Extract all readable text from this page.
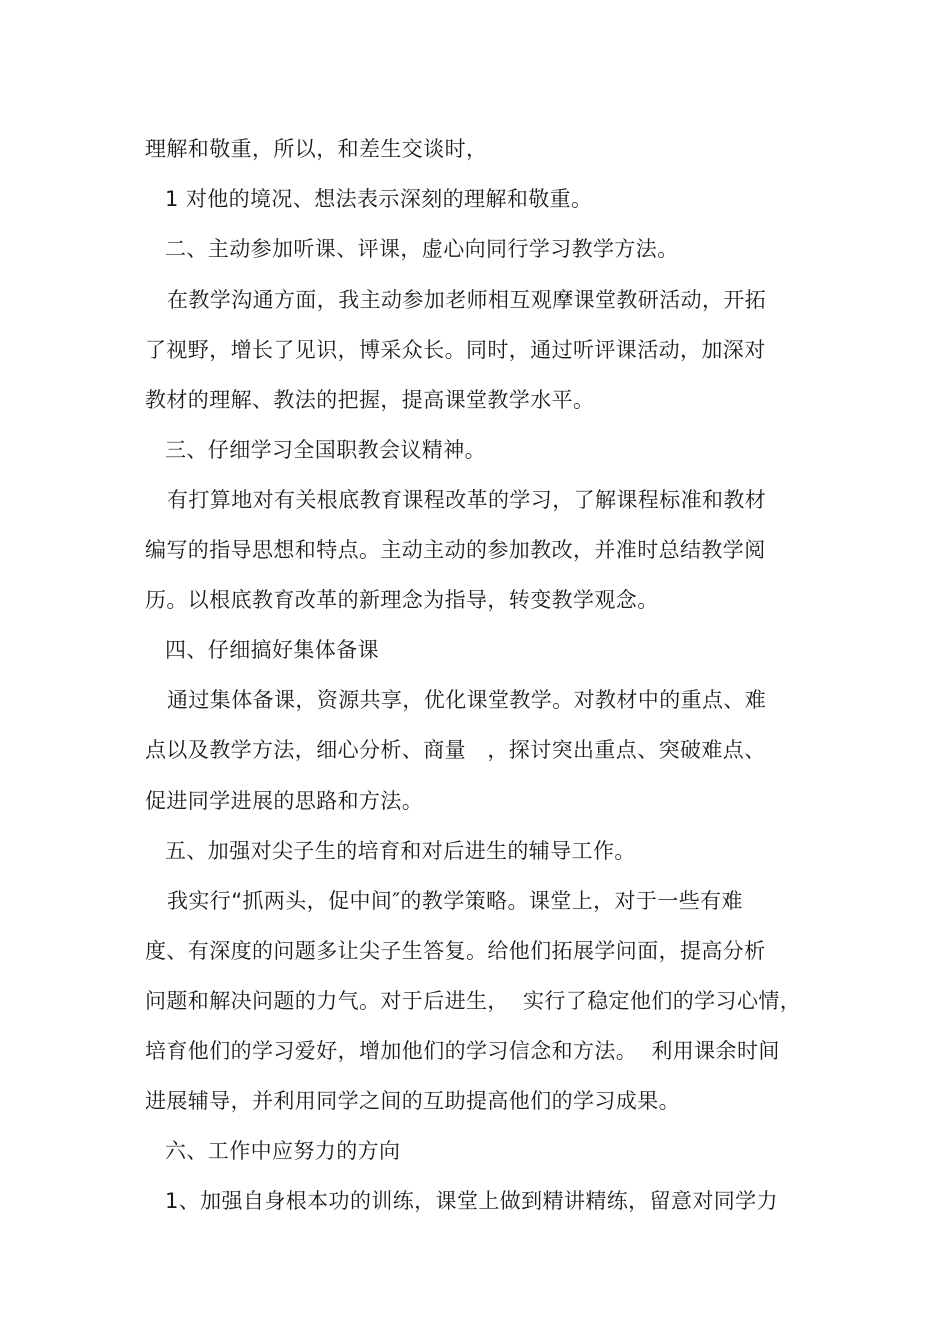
理解和敬重，所以，和差生交谈时，
1 对他的境况、想法表示深刻的理解和敬重。
二、主动参加听课、评课，虚心向同行学习教学方法。
在教学沟通方面，我主动参加老师相互观摩课堂教研活动，开拓
了视野，增长了见识，博采众长。同时，通过听评课活动，加深对
教材的理解、教法的把握，提高课堂教学水平。
三、仔细学习全国职教会议精神。
有打算地对有关根底教育课程改革的学习，了解课程标准和教材
编写的指导思想和特点。主动主动的参加教改，并准时总结教学阅
历。以根底教育改革的新理念为指导，转变教学观念。
四、仔细搞好集体备课
通过集体备课，资源共享，优化课堂教学。对教材中的重点、难
点以及教学方法，细心分析、商量　，探讨突出重点、突破难点、
促进同学进展的思路和方法。
五、加强对尖子生的培育和对后进生的辅导工作。
我实行“抓两头，促中间″的教学策略。课堂上，对于一些有难
度、有深度的问题多让尖子生答复。给他们拓展学问面，提高分析
问题和解决问题的力气。对于后进生，  实行了稳定他们的学习心情，
培育他们的学习爱好，增加他们的学习信念和方法。  利用课余时间
进展辅导，并利用同学之间的互助提高他们的学习成果。
六、工作中应努力的方向
1、加强自身根本功的训练，课堂上做到精讲精练，留意对同学力
